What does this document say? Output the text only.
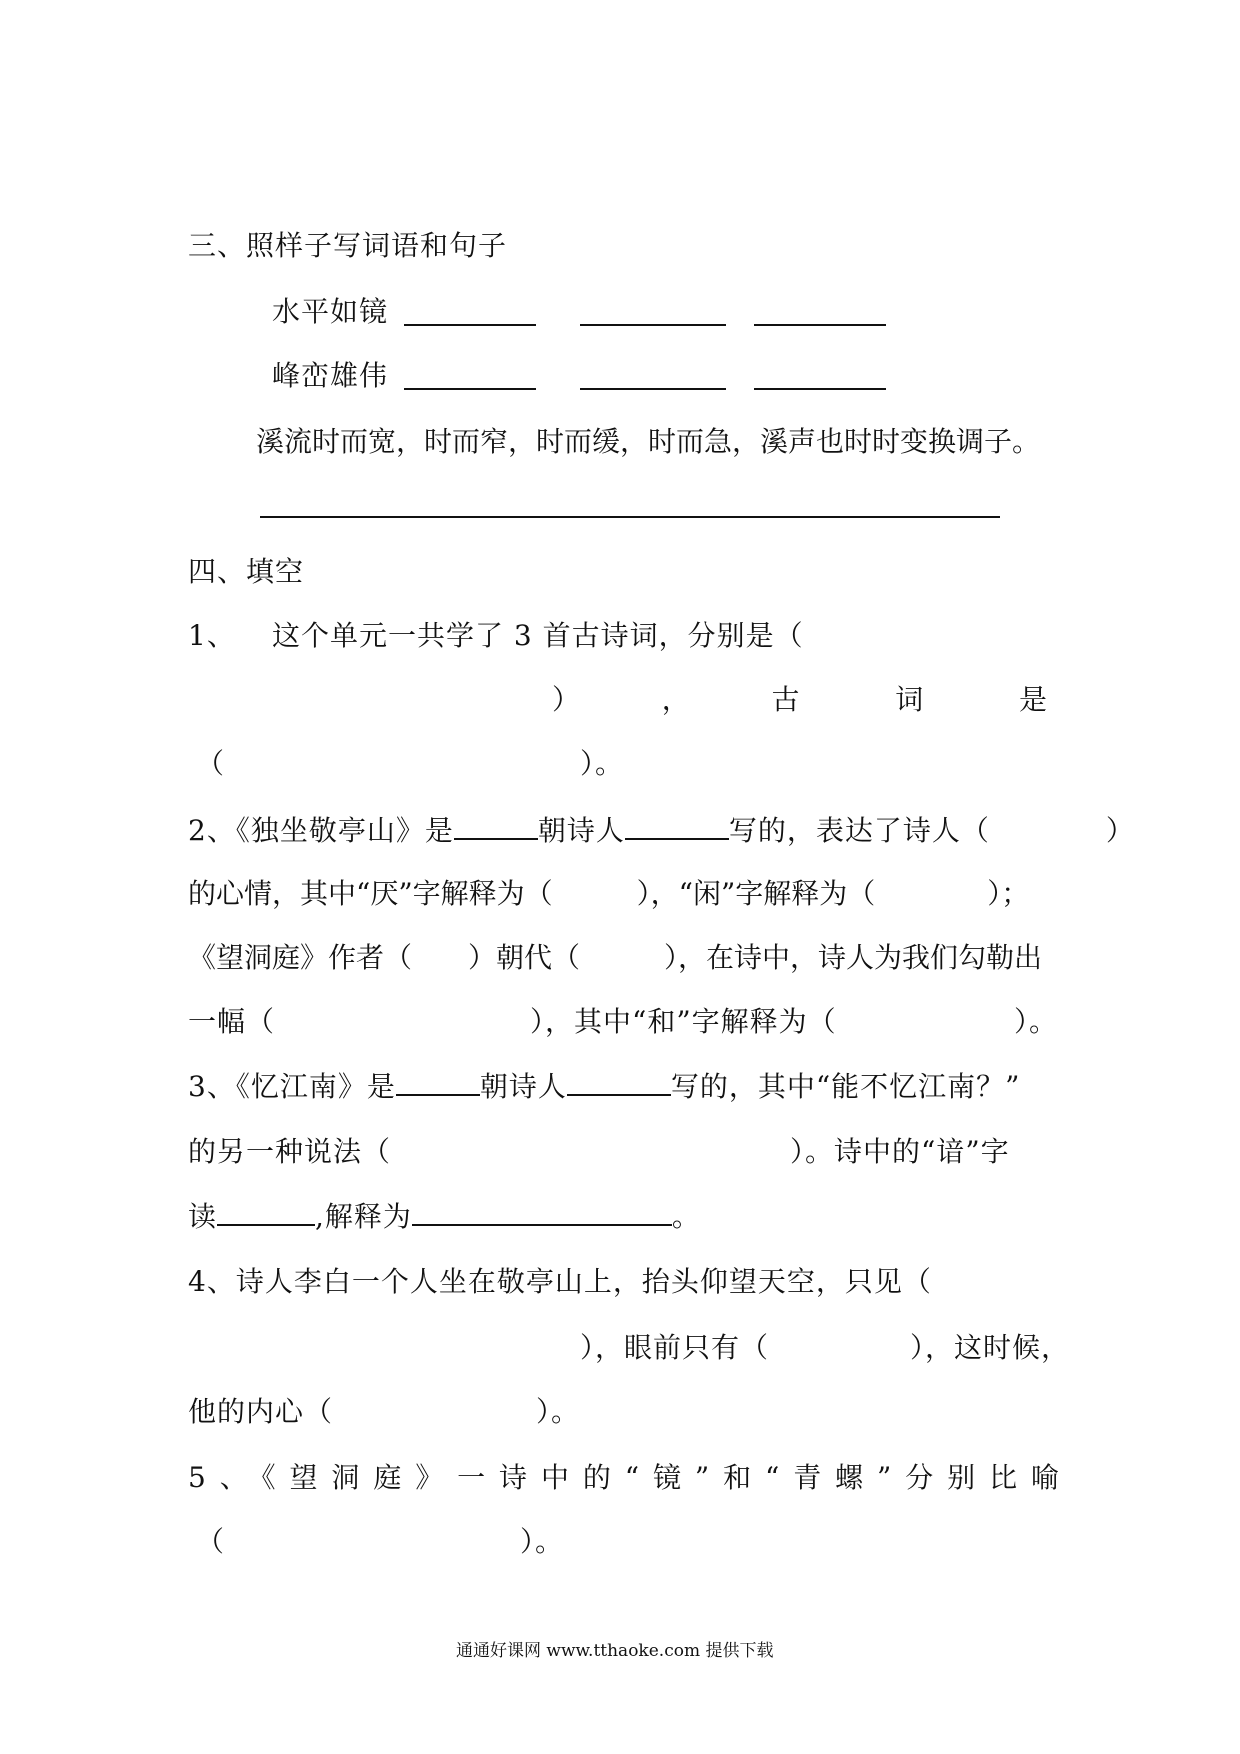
三、照样子写词语和句子
水平如镜
峰峦雄伟
溪流时而宽，时而窄，时而缓，时而急，溪声也时时变换调子。
四、填空
1、 这个单元一共学了 3 首古诗词，分别是（
）　　，　　古　　词　　是
（	）。
2、《独坐敬亭山》是	朝诗人	写的，表达了诗人（　　　　）
的心情，其中“厌”字解释为（　　　），“闲”字解释为（　　　　）；
《望洞庭》作者（　　）朝代（　　　），在诗中，诗人为我们勾勒出
一幅（	），其中“和”字解释为（	）。
3、《忆江南》是	朝诗人	写的，其中“能不忆江南？”
的另一种说法（	）。诗中的“谙”字
读	,解释为	。
4、诗人李白一个人坐在敬亭山上，抬头仰望天空，只见（
），眼前只有（	），这时候，
他的内心（	）。
5、《望洞庭》一诗中的“镜”和“青螺”分别比喻
（	）。
通通好课网 www.tthaoke.com 提供下载
